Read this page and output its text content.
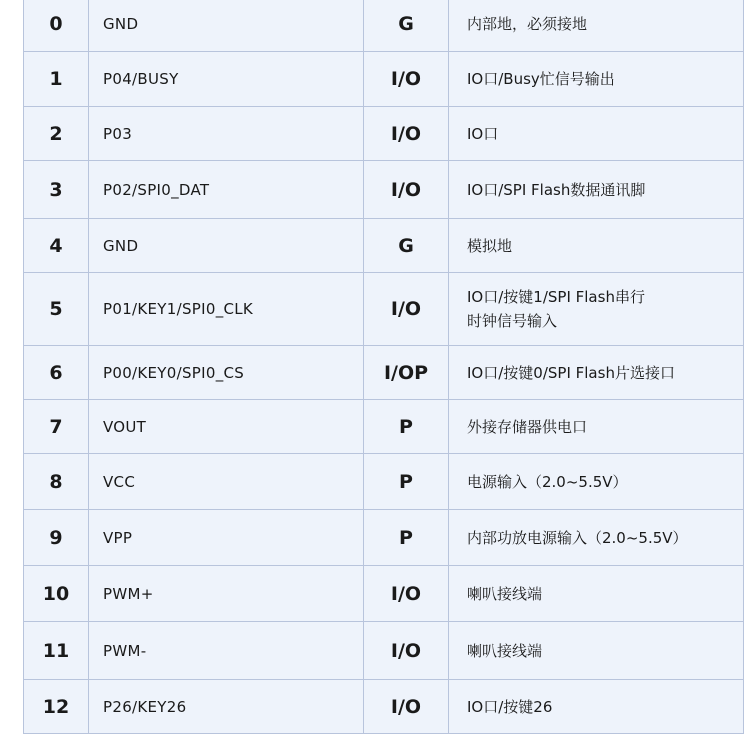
0	GND	G	内部地，必须接地
1	P04/BUSY	I/O	IO口/Busy忙信号输出
2	P03	I/O	IO口
3	P02/SPI0_DAT	I/O	IO口/SPI Flash数据通讯脚
4	GND	G	模拟地
5	P01/KEY1/SPI0_CLK	I/O	IO口/按键1/SPI Flash串行
时钟信号输入
6	P00/KEY0/SPI0_CS	I/OP	IO口/按键0/SPI Flash片选接口
7	VOUT	P	外接存储器供电口
8	VCC	P	电源输入（2.0~5.5V）
9	VPP	P	内部功放电源输入（2.0~5.5V）
10	PWM+	I/O	喇叭接线端
11	PWM-	I/O	喇叭接线端
12	P26/KEY26	I/O	IO口/按键26
